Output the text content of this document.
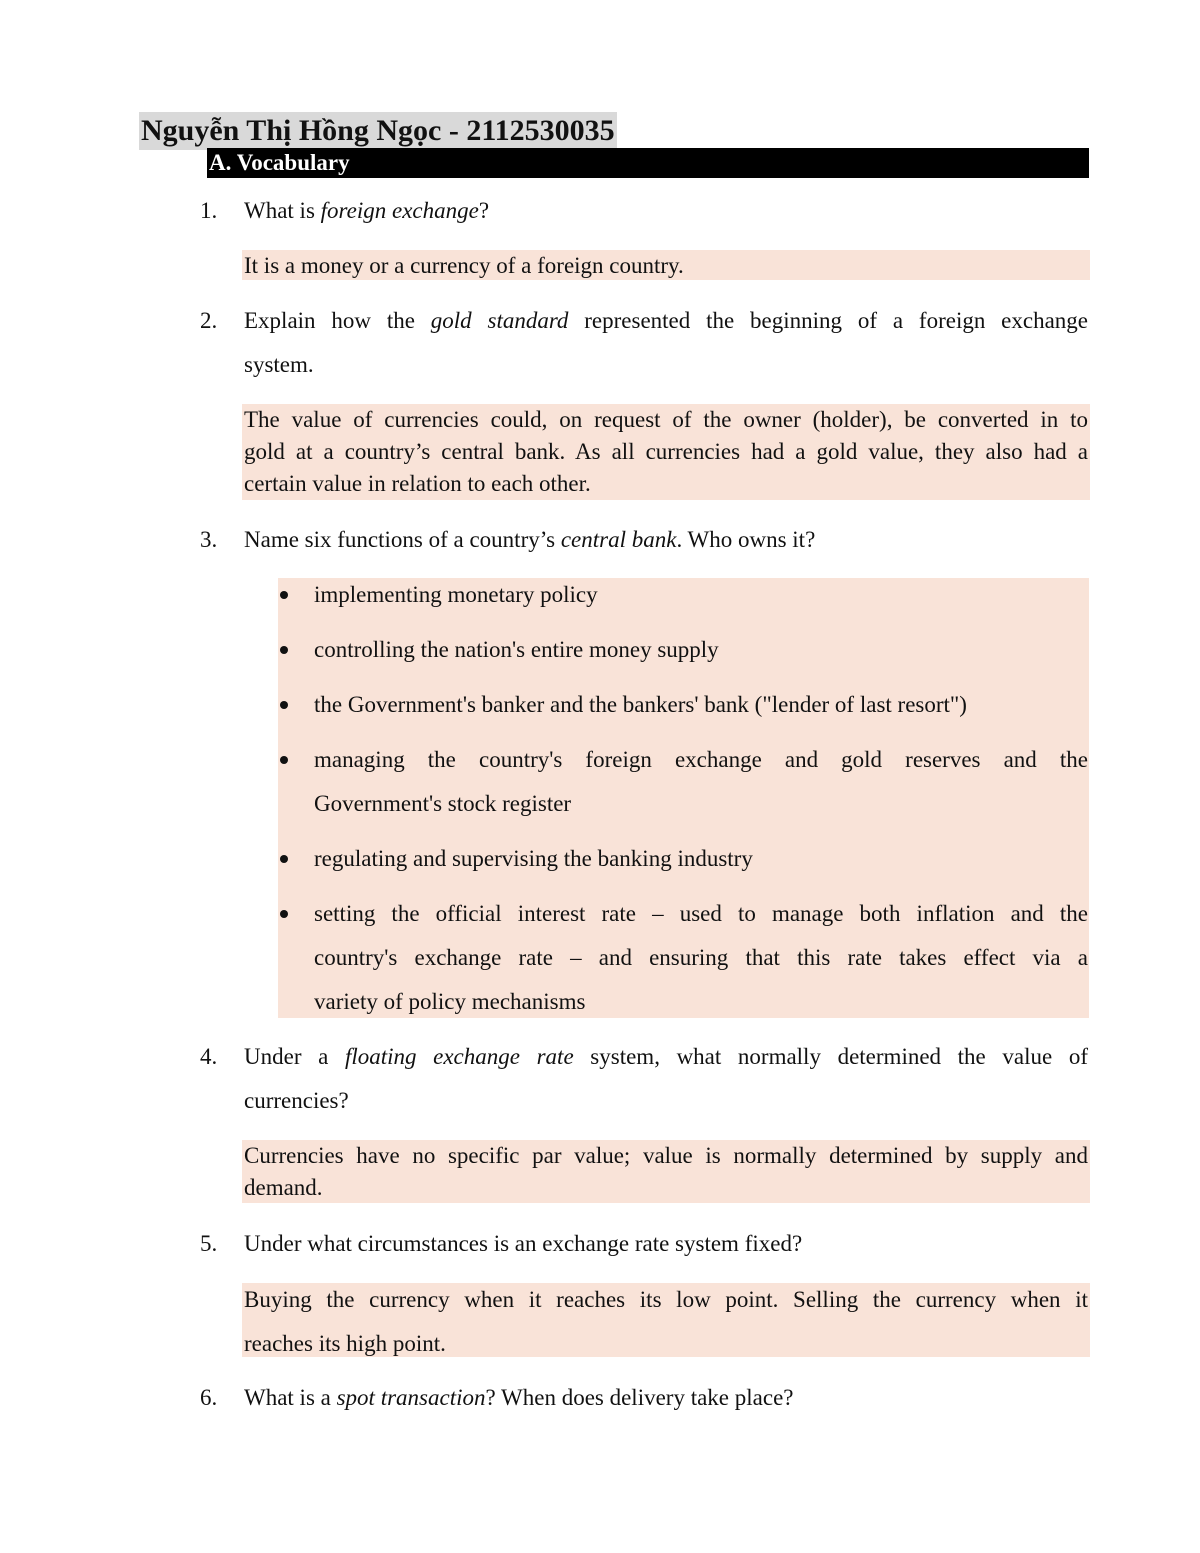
Nguyễn Thị Hồng Ngọc - 2112530035
A. Vocabulary
1. What is foreign exchange?
It is a money or a currency of a foreign country.
2. Explain how the gold standard represented the beginning of a foreign exchange
system.
The value of currencies could, on request of the owner (holder), be converted in to
gold at a country’s central bank. As all currencies had a gold value, they also had a
certain value in relation to each other.
3. Name six functions of a country’s central bank. Who owns it?
implementing monetary policy
controlling the nation's entire money supply
the Government's banker and the bankers' bank ("lender of last resort")
managing the country's foreign exchange and gold reserves and the
Government's stock register
regulating and supervising the banking industry
setting the official interest rate – used to manage both inflation and the
country's exchange rate – and ensuring that this rate takes effect via a
variety of policy mechanisms
4. Under a floating exchange rate system, what normally determined the value of
currencies?
Currencies have no specific par value; value is normally determined by supply and
demand.
5. Under what circumstances is an exchange rate system fixed?
Buying the currency when it reaches its low point. Selling the currency when it
reaches its high point.
6. What is a spot transaction? When does delivery take place?
